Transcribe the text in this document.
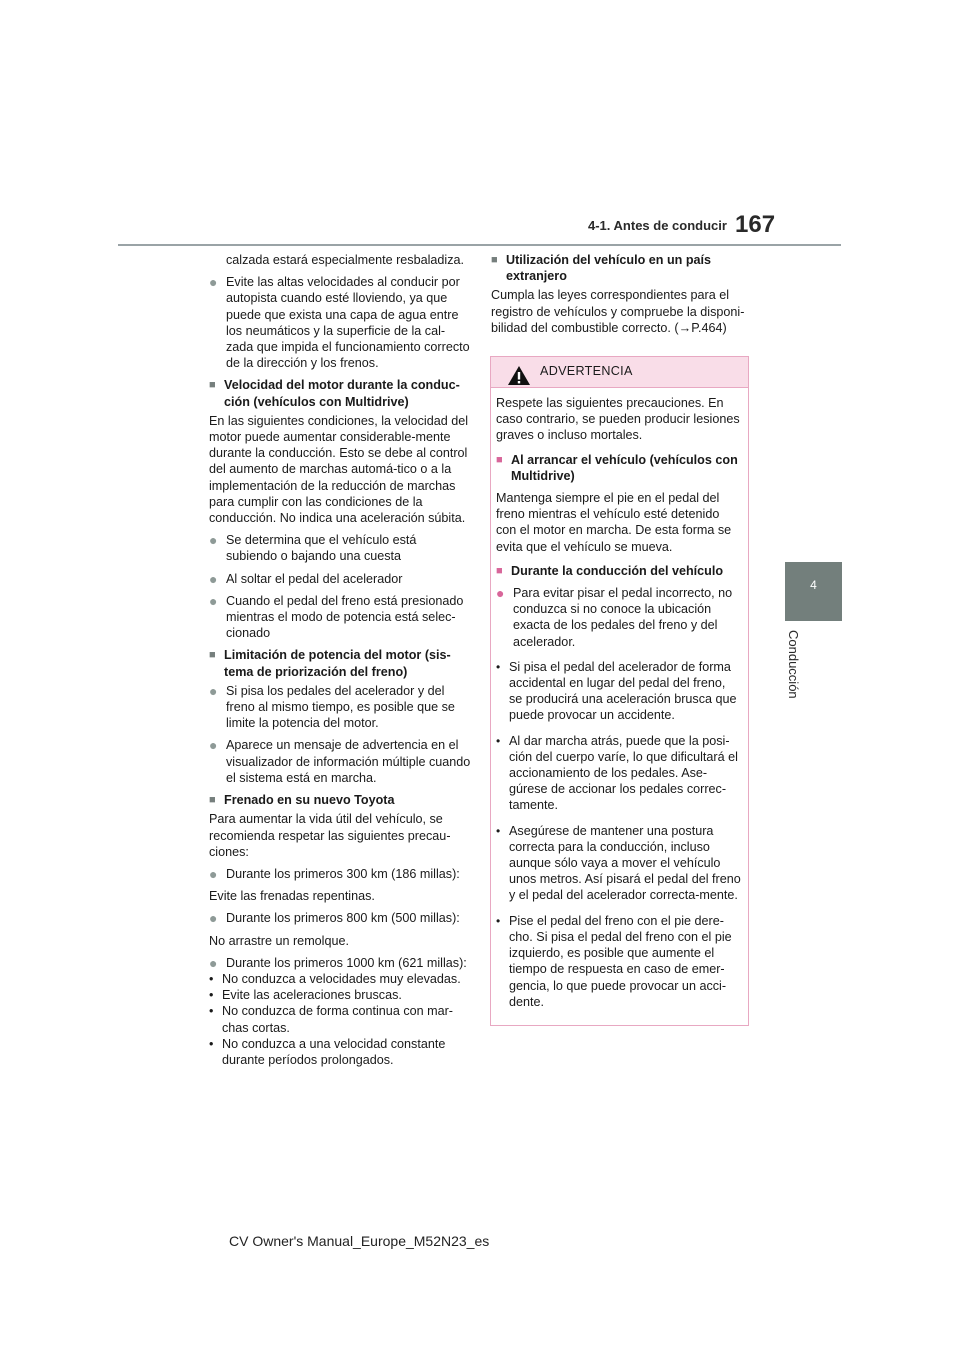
4-1. Antes de conducir 167
4
Conducción

calzada estará especialmente resbaladiza.

● Evite las altas velocidades al conducir por autopista cuando esté lloviendo, ya que puede que exista una capa de agua entre los neumáticos y la superficie de la cal-zada que impida el funcionamiento correcto de la dirección y los frenos.
■ Velocidad del motor durante la conduc-ción (vehículos con Multidrive)

En las siguientes condiciones, la velocidad del motor puede aumentar considerable-mente durante la conducción. Esto se debe al control del aumento de marchas automá-tico o a la implementación de la reducción de marchas para cumplir con las condiciones de la conducción. No indica una aceleración súbita.

● Se determina que el vehículo está subiendo o bajando una cuesta
● Al soltar el pedal del acelerador
● Cuando el pedal del freno está presionado mientras el modo de potencia está selec-cionado
■ Limitación de potencia del motor (sis-tema de priorización del freno)
● Si pisa los pedales del acelerador y del freno al mismo tiempo, es posible que se limite la potencia del motor.
● Aparece un mensaje de advertencia en el visualizador de información múltiple cuando el sistema está en marcha.
■ Frenado en su nuevo Toyota

Para aumentar la vida útil del vehículo, se recomienda respetar las siguientes precau-ciones:

● Durante los primeros 300 km (186 millas):

Evite las frenadas repentinas.

● Durante los primeros 800 km (500 millas):

No arrastre un remolque.

● Durante los primeros 1000 km (621 millas):
• No conduzca a velocidades muy elevadas.
• Evite las aceleraciones bruscas.
• No conduzca de forma continua con mar-chas cortas.
• No conduzca a una velocidad constante durante períodos prolongados.
■ Utilización del vehículo en un país extranjero

Cumpla las leyes correspondientes para el registro de vehículos y compruebe la disponi-bilidad del combustible correcto. (→P.464)

ADVERTENCIA

Respete las siguientes precauciones. En caso contrario, se pueden producir lesiones graves o incluso mortales.

■ Al arrancar el vehículo (vehículos con Multidrive)

Mantenga siempre el pie en el pedal del freno mientras el vehículo esté detenido con el motor en marcha. De esta forma se evita que el vehículo se mueva.

■ Durante la conducción del vehículo
● Para evitar pisar el pedal incorrecto, no conduzca si no conoce la ubicación exacta de los pedales del freno y del acelerador.
• Si pisa el pedal del acelerador de forma accidental en lugar del pedal del freno, se producirá una aceleración brusca que puede provocar un accidente.
• Al dar marcha atrás, puede que la posi-ción del cuerpo varíe, lo que dificultará el accionamiento de los pedales. Ase-gúrese de accionar los pedales correc-tamente.
• Asegúrese de mantener una postura correcta para la conducción, incluso aunque sólo vaya a mover el vehículo unos metros. Así pisará el pedal del freno y el pedal del acelerador correcta-mente.
• Pise el pedal del freno con el pie dere-cho. Si pisa el pedal del freno con el pie izquierdo, es posible que aumente el tiempo de respuesta en caso de emer-gencia, lo que puede provocar un acci-dente.
CV Owner's Manual_Europe_M52N23_es
